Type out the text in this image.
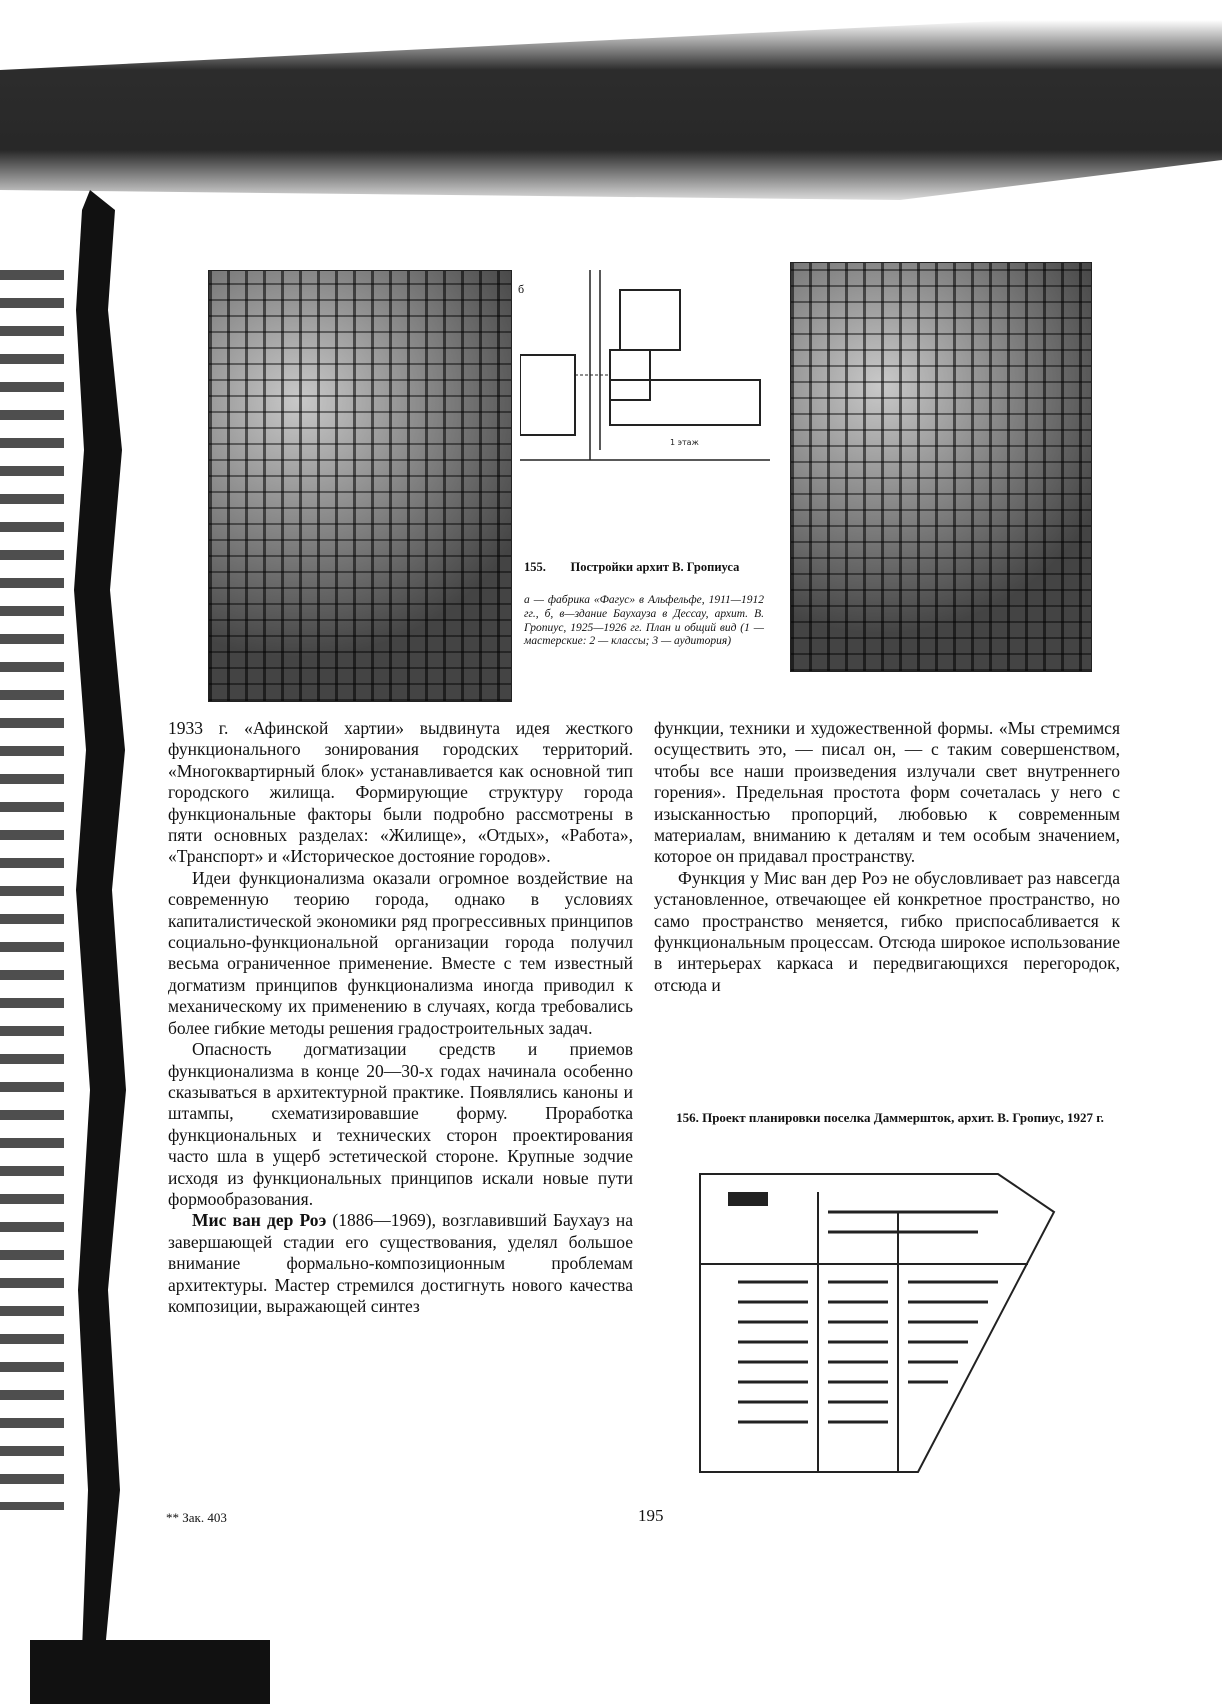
б
1 этаж
155. Постройки архит В. Гропиуса
а — фабрика «Фагус» в Альфельфе, 1911—1912 гг., б, в—здание Баухауза в Дессау, архит. В. Гропиус, 1925—1926 гг. План и общий вид (1 — мастерские: 2 — классы; 3 — аудитория)

1933 г. «Афинской хартии» выдвинута идея жесткого функционального зонирования городских территорий. «Многоквартирный блок» устанавливается как основной тип городского жилища. Формирующие структуру города функциональные факторы были подробно рассмотрены в пяти основных разделах: «Жилище», «Отдых», «Работа», «Транспорт» и «Историческое достояние городов».

Идеи функционализма оказали огромное воздействие на современную теорию города, однако в условиях капиталистической экономики ряд прогрессивных принципов социально-функциональной организации города получил весьма ограниченное применение. Вместе с тем известный догматизм принципов функционализма иногда приводил к механическому их применению в случаях, когда требовались более гибкие методы решения градостроительных задач.

Опасность догматизации средств и приемов функционализма в конце 20—30-х годах начинала особенно сказываться в архитектурной практике. Появлялись каноны и штампы, схематизировавшие форму. Проработка функциональных и технических сторон проектирования часто шла в ущерб эстетической стороне. Крупные зодчие исходя из функциональных принципов искали новые пути формообразования.

Мис ван дер Роэ (1886—1969), возглавивший Баухауз на завершающей стадии его существования, уделял большое внимание формально-композиционным проблемам архитектуры. Мастер стремился достигнуть нового качества композиции, выражающей синтез

функции, техники и художественной формы. «Мы стремимся осуществить это, — писал он, — с таким совершенством, чтобы все наши произведения излучали свет внутреннего горения». Предельная простота форм сочеталась у него с изысканностью пропорций, любовью к современным материалам, вниманию к деталям и тем особым значением, которое он придавал пространству.

Функция у Мис ван дер Роэ не обусловливает раз навсегда установленное, отвечающее ей конкретное пространство, но само пространство меняется, гибко приспосабливается к функциональным процессам. Отсюда широкое использование в интерьерах каркаса и передвигающихся перегородок, отсюда и

156. Проект планировки поселка Даммершток, архит. В. Гропиус, 1927 г.
** Зак. 403	195
